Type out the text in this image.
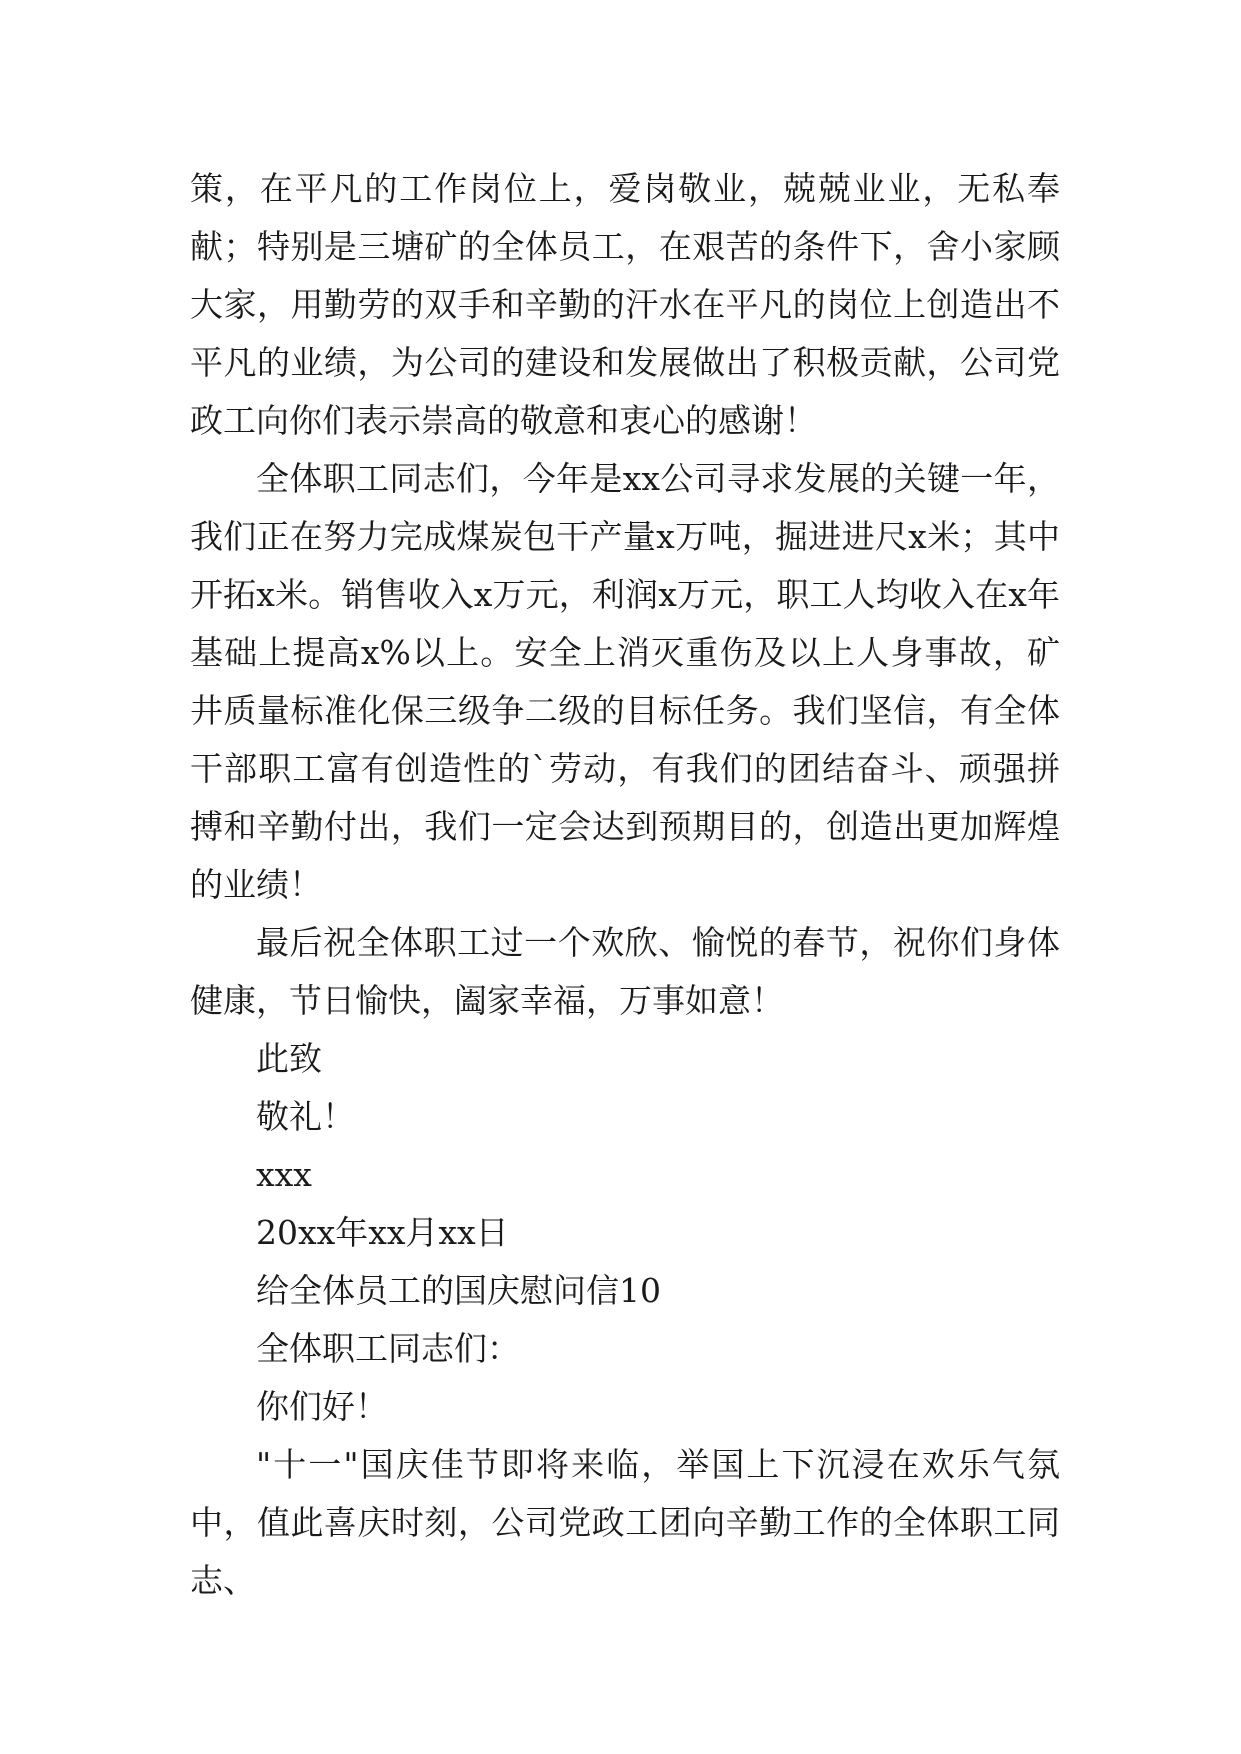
策，在平凡的工作岗位上，爱岗敬业，兢兢业业，无私奉献；特别是三塘矿的全体员工，在艰苦的条件下，舍小家顾大家，用勤劳的双手和辛勤的汗水在平凡的岗位上创造出不平凡的业绩，为公司的建设和发展做出了积极贡献，公司党政工向你们表示崇高的敬意和衷心的感谢！

全体职工同志们，今年是xx公司寻求发展的关键一年，我们正在努力完成煤炭包干产量x万吨，掘进进尺x米；其中开拓x米。销售收入x万元，利润x万元，职工人均收入在x年基础上提高x%以上。安全上消灭重伤及以上人身事故，矿井质量标准化保三级争二级的目标任务。我们坚信，有全体干部职工富有创造性的`劳动，有我们的团结奋斗、顽强拼搏和辛勤付出，我们一定会达到预期目的，创造出更加辉煌的业绩！

最后祝全体职工过一个欢欣、愉悦的春节，祝你们身体健康，节日愉快，阖家幸福，万事如意！

此致

敬礼！

xxx

20xx年xx月xx日

给全体员工的国庆慰问信10

全体职工同志们：

你们好！

"十一"国庆佳节即将来临，举国上下沉浸在欢乐气氛中，值此喜庆时刻，公司党政工团向辛勤工作的全体职工同志、
